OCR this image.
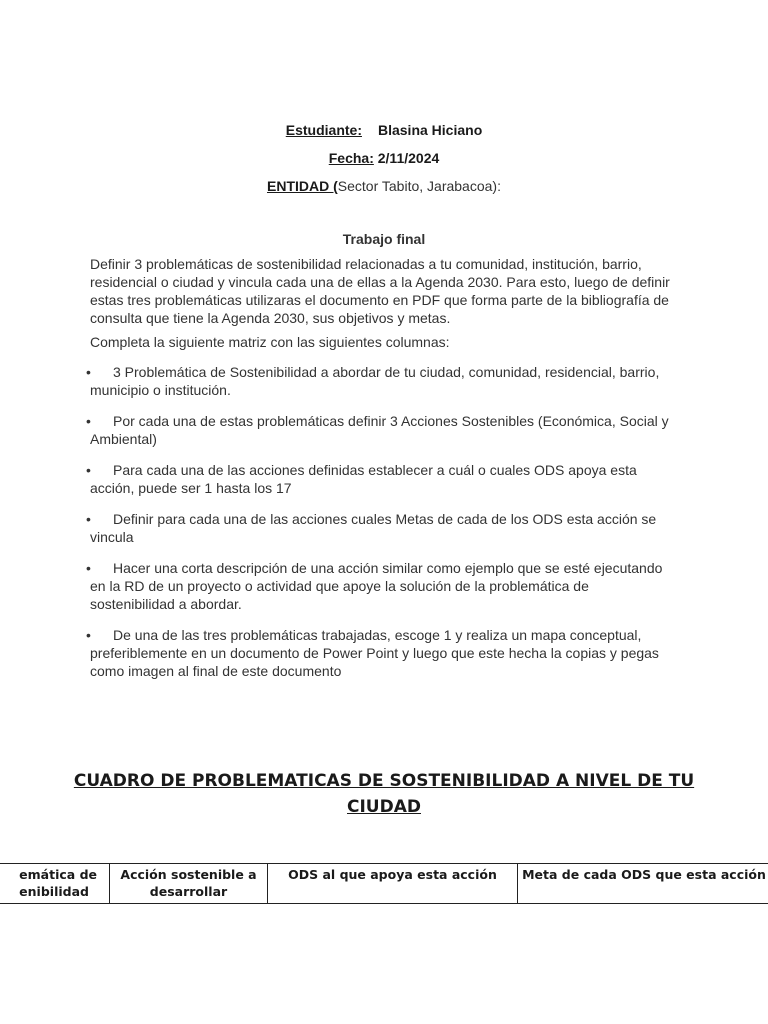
Estudiante: Blasina Hiciano
Fecha: 2/11/2024
ENTIDAD (Sector Tabito, Jarabacoa):
Trabajo final
Definir 3 problemáticas de sostenibilidad relacionadas a tu comunidad, institución, barrio, residencial o ciudad y vincula cada una de ellas a la Agenda 2030. Para esto, luego de definir estas tres problemáticas utilizaras el documento en PDF que forma parte de la bibliografía de consulta que tiene la Agenda 2030, sus objetivos y metas.
Completa la siguiente matriz con las siguientes columnas:
• 3 Problemática de Sostenibilidad a abordar de tu ciudad, comunidad, residencial, barrio, municipio o institución.
• Por cada una de estas problemáticas definir 3 Acciones Sostenibles (Económica, Social y Ambiental)
• Para cada una de las acciones definidas establecer a cuál o cuales ODS apoya esta acción, puede ser 1 hasta los 17
• Definir para cada una de las acciones cuales Metas de cada de los ODS esta acción se vincula
• Hacer una corta descripción de una acción similar como ejemplo que se esté ejecutando en la RD de un proyecto o actividad que apoye la solución de la problemática de sostenibilidad a abordar.
• De una de las tres problemáticas trabajadas, escoge 1 y realiza un mapa conceptual, preferiblemente en un documento de Power Point y luego que este hecha la copias y pegas como imagen al final de este documento
CUADRO DE PROBLEMATICAS DE SOSTENIBILIDAD A NIVEL DE TU
CIUDAD
emática de
enibilidad
Acción sostenible a
desarrollar
ODS al que apoya esta acción	Meta de cada ODS que esta acción
